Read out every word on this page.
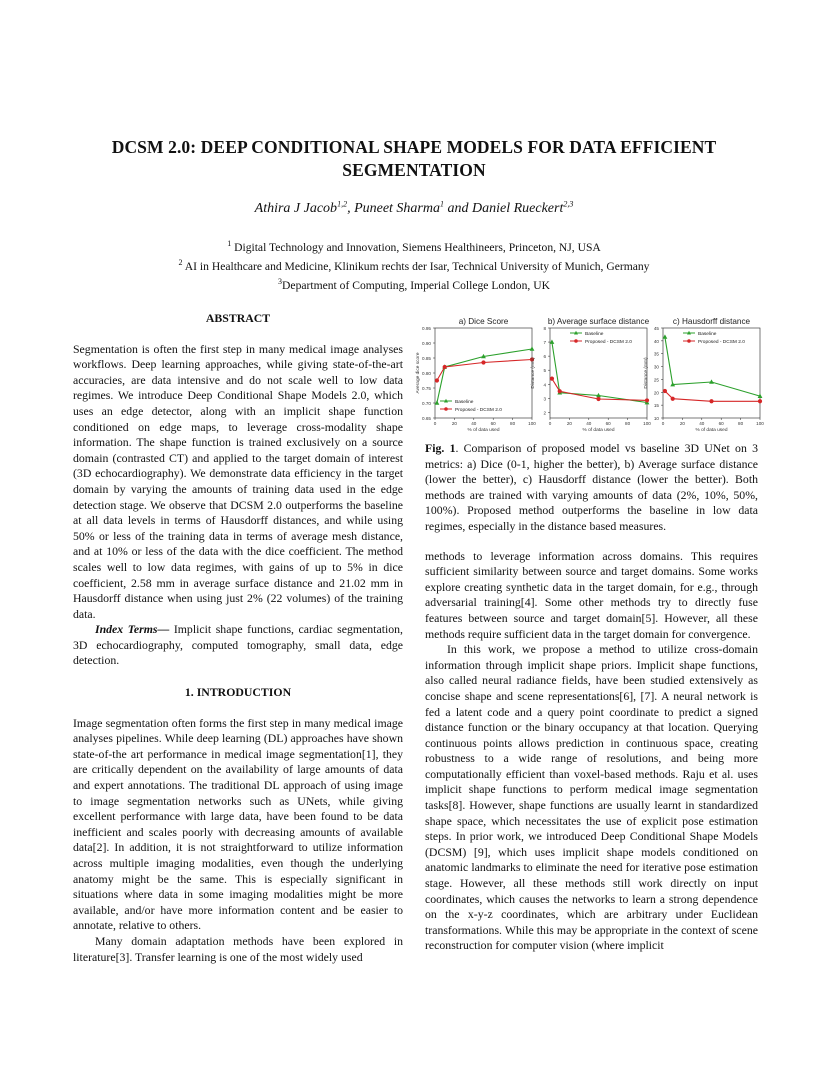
DCSM 2.0: DEEP CONDITIONAL SHAPE MODELS FOR DATA EFFICIENT SEGMENTATION
Athira J Jacob$^{1,2}$, Puneet Sharma$^1$ and Daniel Rueckert$^{2,3}$
$^1$ Digital Technology and Innovation, Siemens Healthineers, Princeton, NJ, USA
$^2$ AI in Healthcare and Medicine, Klinikum rechts der Isar, Technical University of Munich, Germany
$^3$Department of Computing, Imperial College London, UK
ABSTRACT

Segmentation is often the first step in many medical image analyses workflows. Deep learning approaches, while giving state-of-the-art accuracies, are data intensive and do not scale well to low data regimes. We introduce Deep Conditional Shape Models 2.0, which uses an edge detector, along with an implicit shape function conditioned on edge maps, to leverage cross-modality shape information. The shape function is trained exclusively on a source domain (contrasted CT) and applied to the target domain of interest (3D echocardiography). We demonstrate data efficiency in the target domain by varying the amounts of training data used in the edge detection stage. We observe that DCSM 2.0 outperforms the baseline at all data levels in terms of Hausdorff distances, and while using 50% or less of the training data in terms of average mesh distance, and at 10% or less of the data with the dice coefficient. The method scales well to low data regimes, with gains of up to 5% in dice coefficient, 2.58 mm in average surface distance and 21.02 mm in Hausdorff distance when using just 2% (22 volumes) of the training data.

Index Terms— Implicit shape functions, cardiac segmentation, 3D echocardiography, computed tomography, small data, edge detection.

1. INTRODUCTION

Image segmentation often forms the first step in many medical image analyses pipelines. While deep learning (DL) approaches have shown state-of-the art performance in medical image segmentation[1], they are critically dependent on the availability of large amounts of data and expert annotations. The traditional DL approach of using image to image segmentation networks such as UNets, while giving excellent performance with large data, have been found to be data inefficient and scales poorly with decreasing amounts of available data[2]. In addition, it is not straightforward to utilize information across multiple imaging modalities, even though the underlying anatomy might be the same. This is especially significant in situations where data in some imaging modalities might be more available, and/or have more information content and be easier to annotate, relative to others.

Many domain adaptation methods have been explored in literature[3]. Transfer learning is one of the most widely used

a) Dice Score
0.65
0.70
0.75
0.80
0.85
0.90
0.95
0	20	40	60	80	100
% of data used
Average dice score
Baseline
Proposed - DCSM 2.0
b) Average surface distance
2
3
4
5
6
7
8
0	20	40	60	80	100
% of data used
Distance (mm)
Baseline
Proposed - DCSM 2.0
c) Hausdorff distance
10
15
20
25
30
35
40
45
0	20	40	60	80	100
% of data used
Distance (mm)
Baseline
Proposed - DCSM 2.0

Fig. 1. Comparison of proposed model vs baseline 3D UNet on 3 metrics: a) Dice (0-1, higher the better), b) Average surface distance (lower the better), c) Hausdorff distance (lower the better). Both methods are trained with varying amounts of data (2%, 10%, 50%, 100%). Proposed method outperforms the baseline in low data regimes, especially in the distance based measures.

methods to leverage information across domains. This requires sufficient similarity between source and target domains. Some works explore creating synthetic data in the target domain, for e.g., through adversarial training[4]. Some other methods try to directly fuse features between source and target domain[5]. However, all these methods require sufficient data in the target domain for convergence.

In this work, we propose a method to utilize cross-domain information through implicit shape priors. Implicit shape functions, also called neural radiance fields, have been studied extensively as concise shape and scene representations[6], [7]. A neural network is fed a latent code and a query point coordinate to predict a signed distance function or the binary occupancy at that location. Querying continuous points allows prediction in continuous space, creating robustness to a wide range of resolutions, and being more computationally efficient than voxel-based methods. Raju et al. uses implicit shape functions to perform medical image segmentation tasks[8]. However, shape functions are usually learnt in standardized shape space, which necessitates the use of explicit pose estimation steps. In prior work, we introduced Deep Conditional Shape Models (DCSM) [9], which uses implicit shape models conditioned on anatomic landmarks to eliminate the need for iterative pose estimation stage. However, all these methods still work directly on input coordinates, which causes the networks to learn a strong dependence on the x-y-z coordinates, which are arbitrary under Euclidean transformations. While this may be appropriate in the context of scene reconstruction for computer vision (where implicit
